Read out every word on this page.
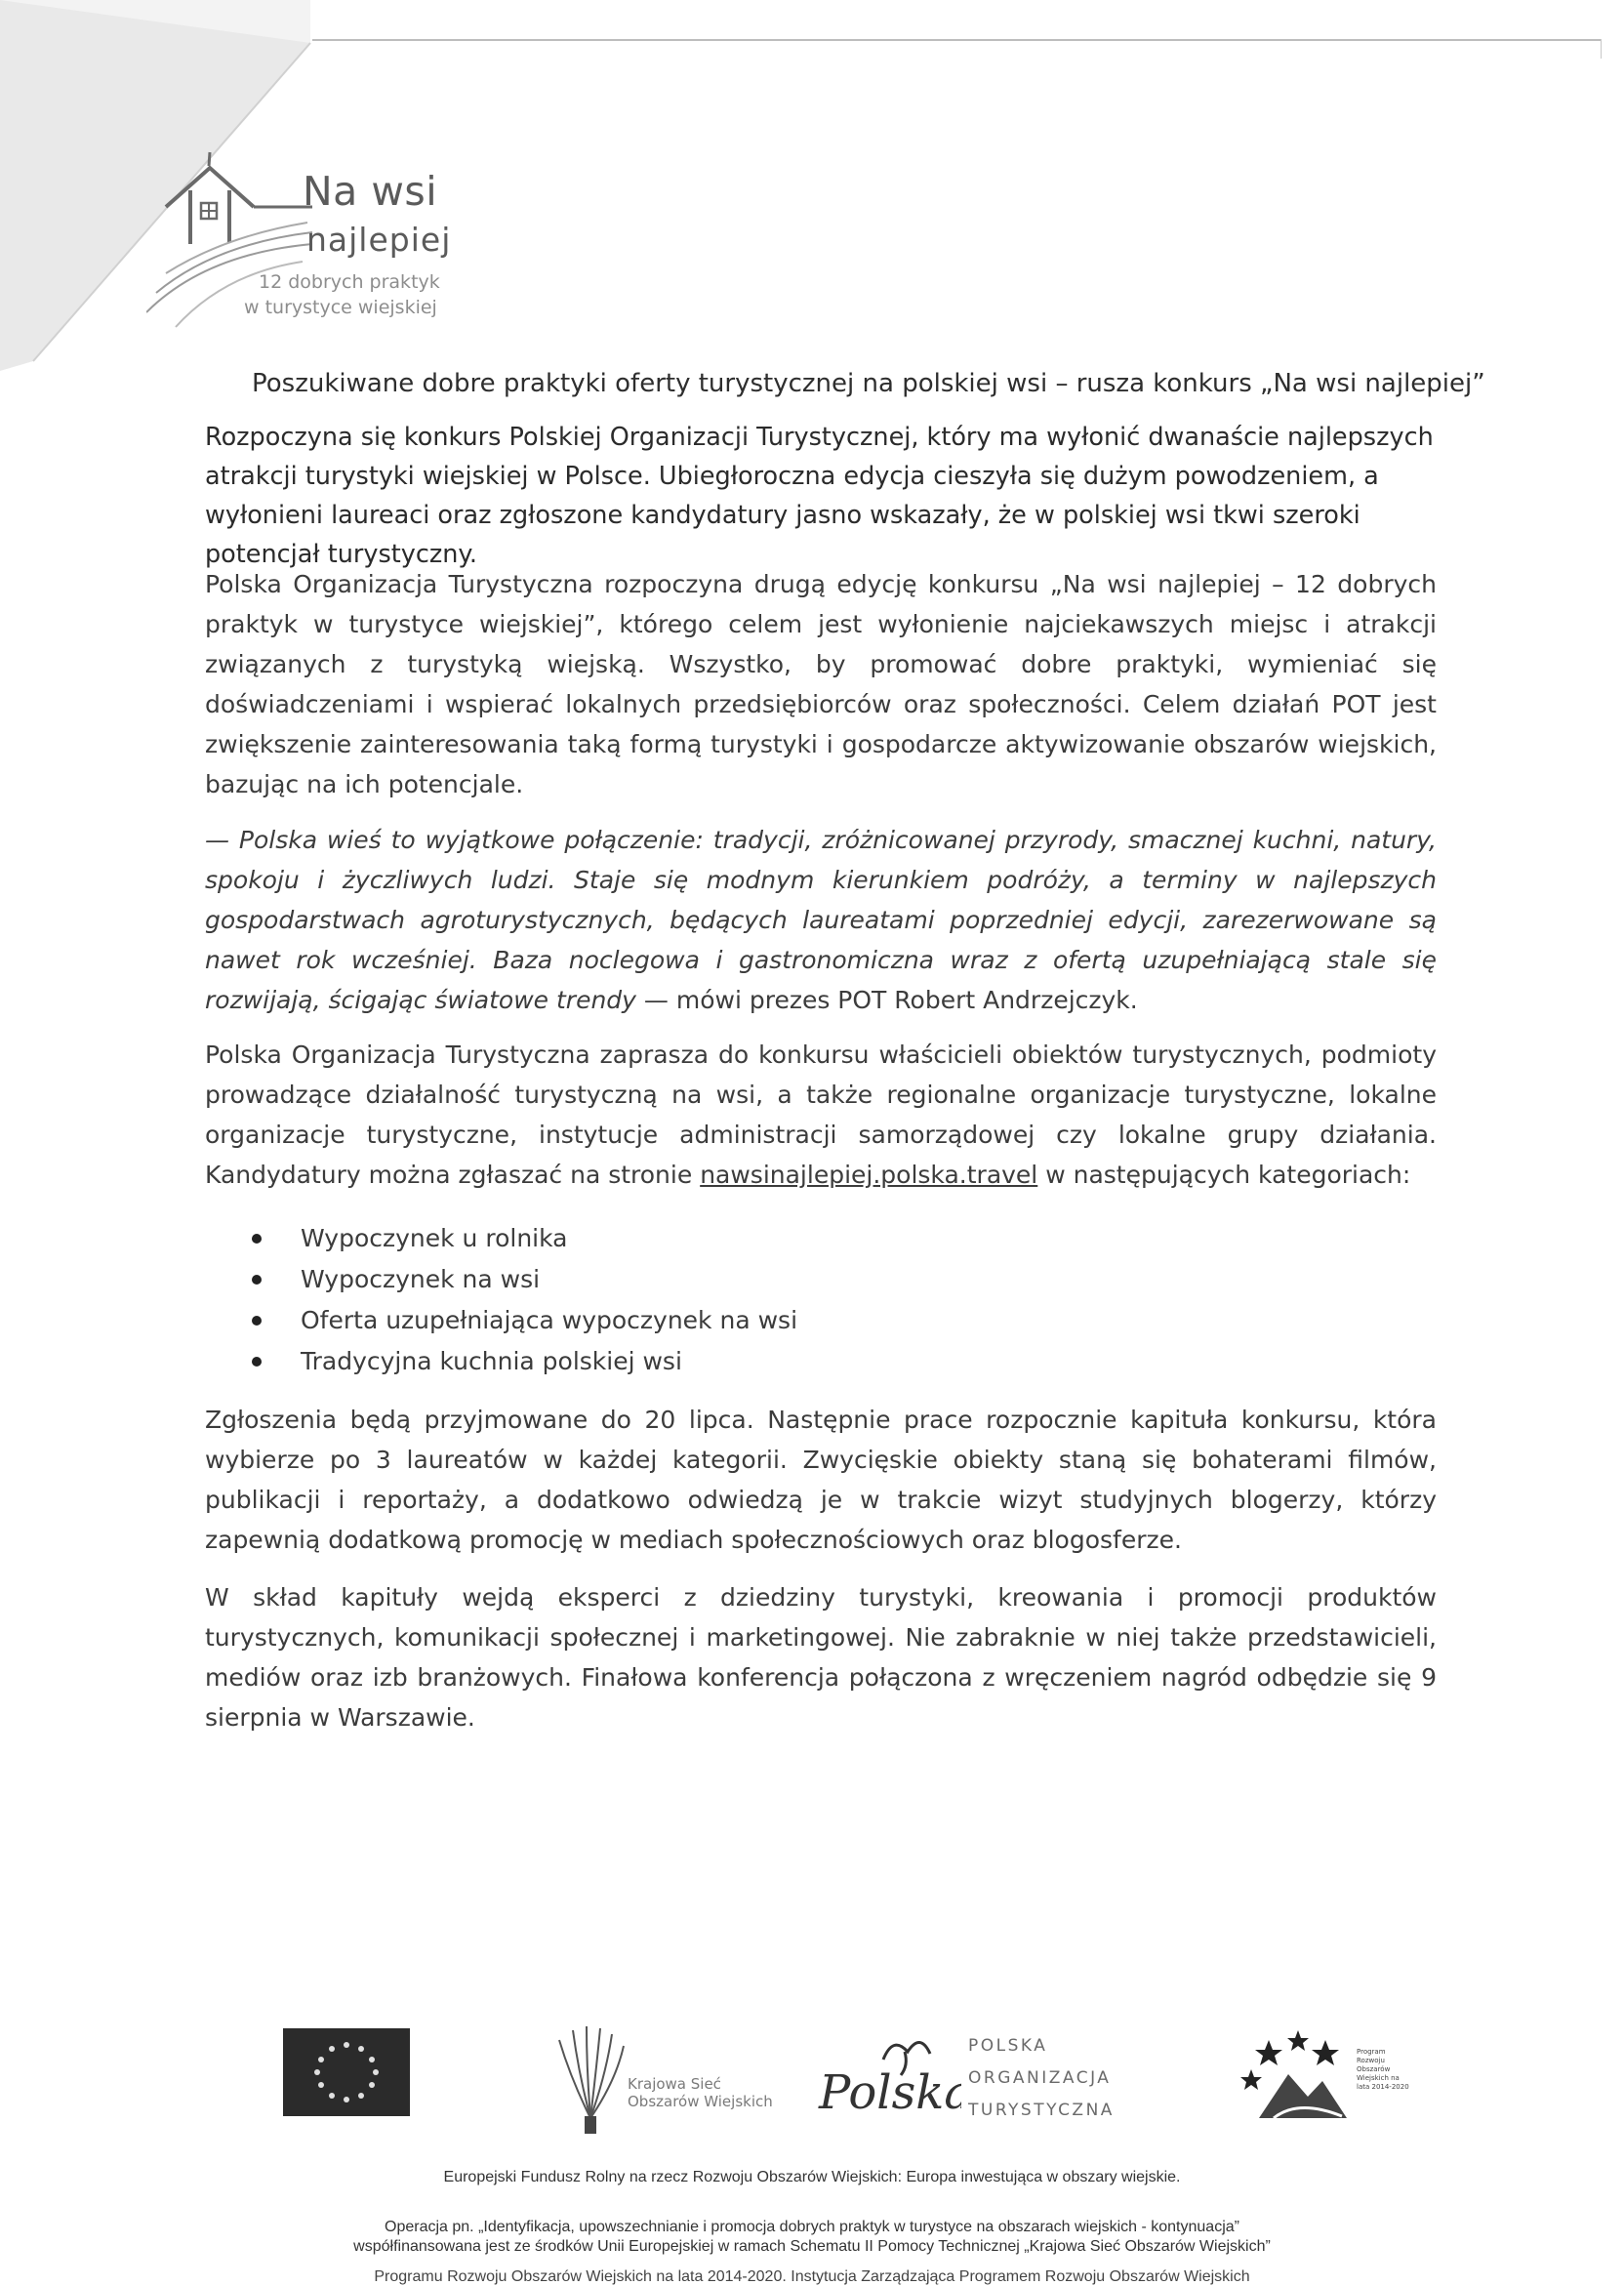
Na wsi
najlepiej
12 dobrych praktyk
w turystyce wiejskiej
Poszukiwane dobre praktyki oferty turystycznej na polskiej wsi – rusza konkurs „Na wsi najlepiej”
Rozpoczyna się konkurs Polskiej Organizacji Turystycznej, który ma wyłonić dwanaście najlepszych atrakcji turystyki wiejskiej w Polsce. Ubiegłoroczna edycja cieszyła się dużym powodzeniem, a wyłonieni laureaci oraz zgłoszone kandydatury jasno wskazały, że w polskiej wsi tkwi szeroki potencjał turystyczny.
Polska Organizacja Turystyczna rozpoczyna drugą edycję konkursu „Na wsi najlepiej – 12 dobrych praktyk w turystyce wiejskiej”, którego celem jest wyłonienie najciekawszych miejsc i atrakcji związanych z turystyką wiejską. Wszystko, by promować dobre praktyki, wymieniać się doświadczeniami i wspierać lokalnych przedsiębiorców oraz społeczności. Celem działań POT jest zwiększenie zainteresowania taką formą turystyki i gospodarcze aktywizowanie obszarów wiejskich, bazując na ich potencjale.
— Polska wieś to wyjątkowe połączenie: tradycji, zróżnicowanej przyrody, smacznej kuchni, natury, spokoju i życzliwych ludzi. Staje się modnym kierunkiem podróży, a terminy w najlepszych gospodarstwach agroturystycznych, będących laureatami poprzedniej edycji, zarezerwowane są nawet rok wcześniej. Baza noclegowa i gastronomiczna wraz z ofertą uzupełniającą stale się rozwijają, ścigając światowe trendy — mówi prezes POT Robert Andrzejczyk.
Polska Organizacja Turystyczna zaprasza do konkursu właścicieli obiektów turystycznych, podmioty prowadzące działalność turystyczną na wsi, a także regionalne organizacje turystyczne, lokalne organizacje turystyczne, instytucje administracji samorządowej czy lokalne grupy działania. Kandydatury można zgłaszać na stronie nawsinajlepiej.polska.travel w następujących kategoriach:
Wypoczynek u rolnika
Wypoczynek na wsi
Oferta uzupełniająca wypoczynek na wsi
Tradycyjna kuchnia polskiej wsi
Zgłoszenia będą przyjmowane do 20 lipca. Następnie prace rozpocznie kapituła konkursu, która wybierze po 3 laureatów w każdej kategorii. Zwycięskie obiekty staną się bohaterami filmów, publikacji i reportaży, a dodatkowo odwiedzą je w trakcie wizyt studyjnych blogerzy, którzy zapewnią dodatkową promocję w mediach społecznościowych oraz blogosferze.
W skład kapituły wejdą eksperci z dziedziny turystyki, kreowania i promocji produktów turystycznych, komunikacji społecznej i marketingowej. Nie zabraknie w niej także przedstawicieli, mediów oraz izb branżowych. Finałowa konferencja połączona z wręczeniem nagród odbędzie się 9 sierpnia w Warszawie.
Krajowa Sieć
Obszarów Wiejskich Polska
POLSKA
ORGANIZACJA
TURYSTYCZNA
Program Rozwoju Obszarów Wiejskich na lata 2014-2020
Europejski Fundusz Rolny na rzecz Rozwoju Obszarów Wiejskich: Europa inwestująca w obszary wiejskie.
Operacja pn. „Identyfikacja, upowszechnianie i promocja dobrych praktyk w turystyce na obszarach wiejskich - kontynuacja”
współfinansowana jest ze środków Unii Europejskiej w ramach Schematu II Pomocy Technicznej „Krajowa Sieć Obszarów Wiejskich”
Programu Rozwoju Obszarów Wiejskich na lata 2014-2020. Instytucja Zarządzająca Programem Rozwoju Obszarów Wiejskich
